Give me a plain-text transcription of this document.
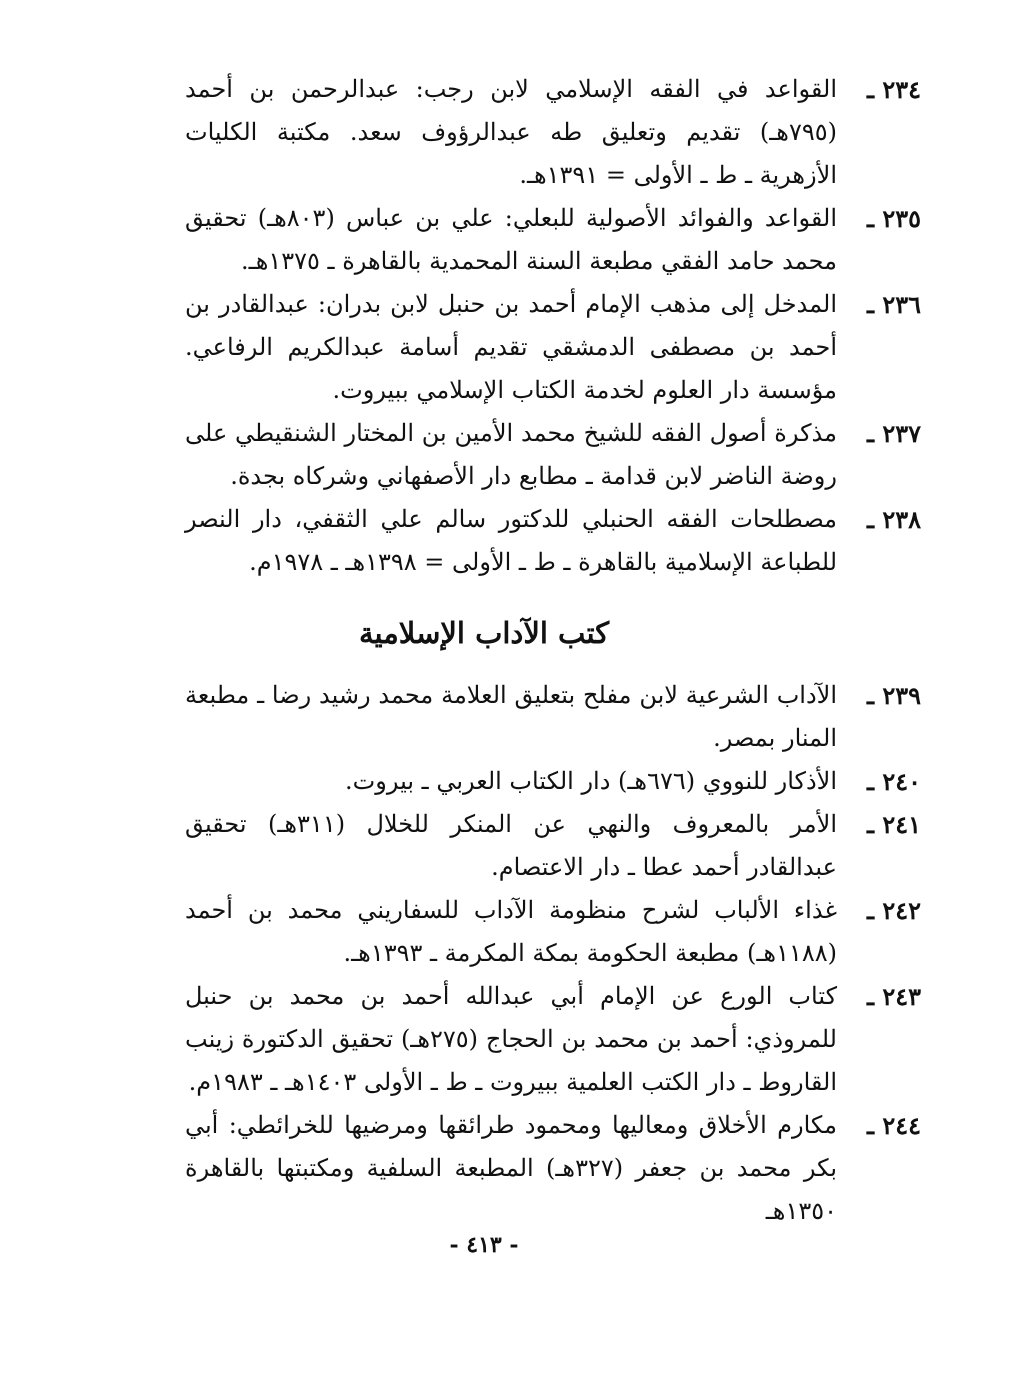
٢٣٤ ـ
القواعد في الفقه الإسلامي لابن رجب: عبدالرحمن بن أحمد (٧٩٥هـ) تقديم وتعليق طه عبدالرؤوف سعد. مكتبة الكليات الأزهرية ـ ط ـ الأولى = ١٣٩١هـ.
٢٣٥ ـ
القواعد والفوائد الأصولية للبعلي: علي بن عباس (٨٠٣هـ) تحقيق محمد حامد الفقي مطبعة السنة المحمدية بالقاهرة ـ ١٣٧٥هـ.
٢٣٦ ـ
المدخل إلى مذهب الإمام أحمد بن حنبل لابن بدران: عبدالقادر بن أحمد بن مصطفى الدمشقي تقديم أسامة عبدالكريم الرفاعي. مؤسسة دار العلوم لخدمة الكتاب الإسلامي ببيروت.
٢٣٧ ـ
مذكرة أصول الفقه للشيخ محمد الأمين بن المختار الشنقيطي على روضة الناضر لابن قدامة ـ مطابع دار الأصفهاني وشركاه بجدة.
٢٣٨ ـ
مصطلحات الفقه الحنبلي للدكتور سالم علي الثقفي، دار النصر للطباعة الإسلامية بالقاهرة ـ ط ـ الأولى = ١٣٩٨هـ ـ ١٩٧٨م.
كتب الآداب الإسلامية
٢٣٩ ـ
الآداب الشرعية لابن مفلح بتعليق العلامة محمد رشيد رضا ـ مطبعة المنار بمصر.
٢٤٠ ـ
الأذكار للنووي (٦٧٦هـ) دار الكتاب العربي ـ بيروت.
٢٤١ ـ
الأمر بالمعروف والنهي عن المنكر للخلال (٣١١هـ) تحقيق عبدالقادر أحمد عطا ـ دار الاعتصام.
٢٤٢ ـ
غذاء الألباب لشرح منظومة الآداب للسفاريني محمد بن أحمد (١١٨٨هـ) مطبعة الحكومة بمكة المكرمة ـ ١٣٩٣هـ.
٢٤٣ ـ
كتاب الورع عن الإمام أبي عبدالله أحمد بن محمد بن حنبل للمروذي: أحمد بن محمد بن الحجاج (٢٧٥هـ) تحقيق الدكتورة زينب القاروط ـ دار الكتب العلمية ببيروت ـ ط ـ الأولى ١٤٠٣هـ ـ ١٩٨٣م.
٢٤٤ ـ
مكارم الأخلاق ومعاليها ومحمود طرائقها ومرضيها للخرائطي: أبي بكر محمد بن جعفر (٣٢٧هـ) المطبعة السلفية ومكتبتها بالقاهرة ١٣٥٠هـ
- ٤١٣ -
